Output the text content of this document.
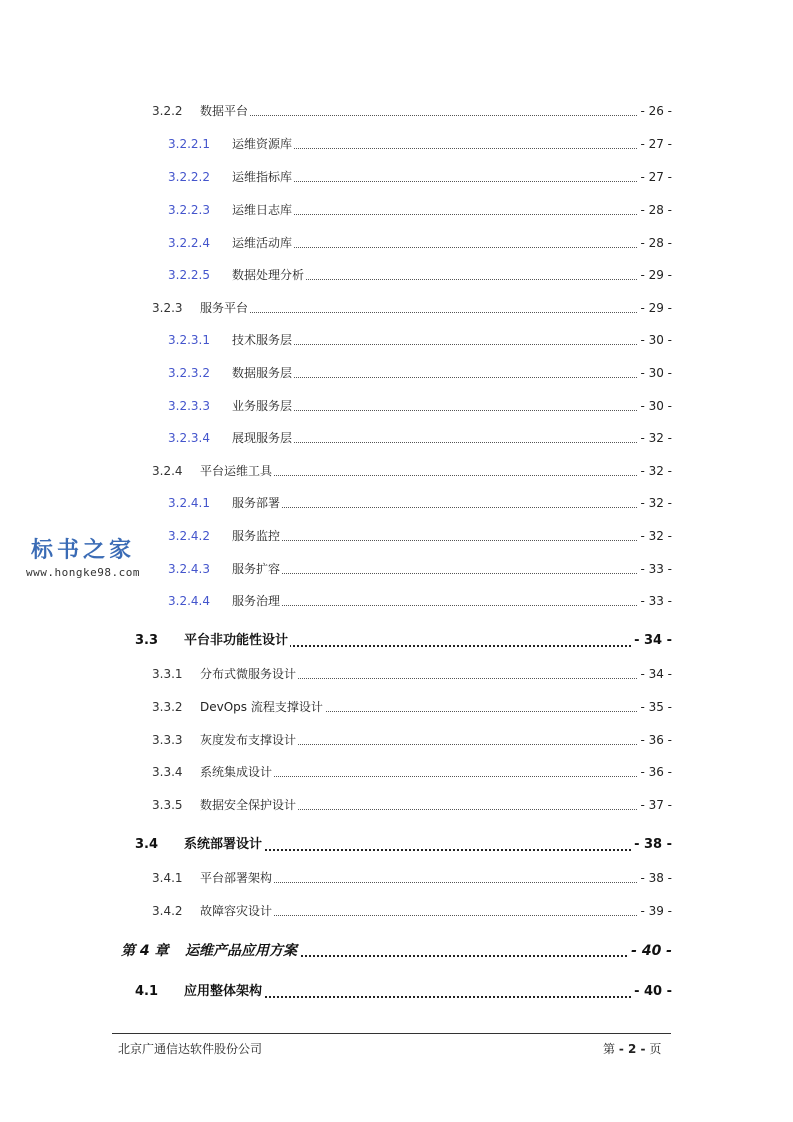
3.2.2 数据平台	- 26 -
3.2.2.1 运维资源库	- 27 -
3.2.2.2 运维指标库	- 27 -
3.2.2.3 运维日志库	- 28 -
3.2.2.4 运维活动库	- 28 -
3.2.2.5 数据处理分析	- 29 -
3.2.3 服务平台	- 29 -
3.2.3.1 技术服务层	- 30 -
3.2.3.2 数据服务层	- 30 -
3.2.3.3 业务服务层	- 30 -
3.2.3.4 展现服务层	- 32 -
3.2.4 平台运维工具	- 32 -
3.2.4.1 服务部署	- 32 -
3.2.4.2 服务监控	- 32 -
3.2.4.3 服务扩容	- 33 -
3.2.4.4 服务治理	- 33 -
3.3 平台非功能性设计	- 34 -
3.3.1 分布式微服务设计	- 34 -
3.3.2 DevOps 流程支撑设计	- 35 -
3.3.3 灰度发布支撑设计	- 36 -
3.3.4 系统集成设计	- 36 -
3.3.5 数据安全保护设计	- 37 -
3.4 系统部署设计	- 38 -
3.4.1 平台部署架构	- 38 -
3.4.2 故障容灾设计	- 39 -
第 4 章 运维产品应用方案	- 40 -
4.1 应用整体架构	- 40 -
标书之家
www.hongke98.com
北京广通信达软件股份公司	第 - 2 - 页
